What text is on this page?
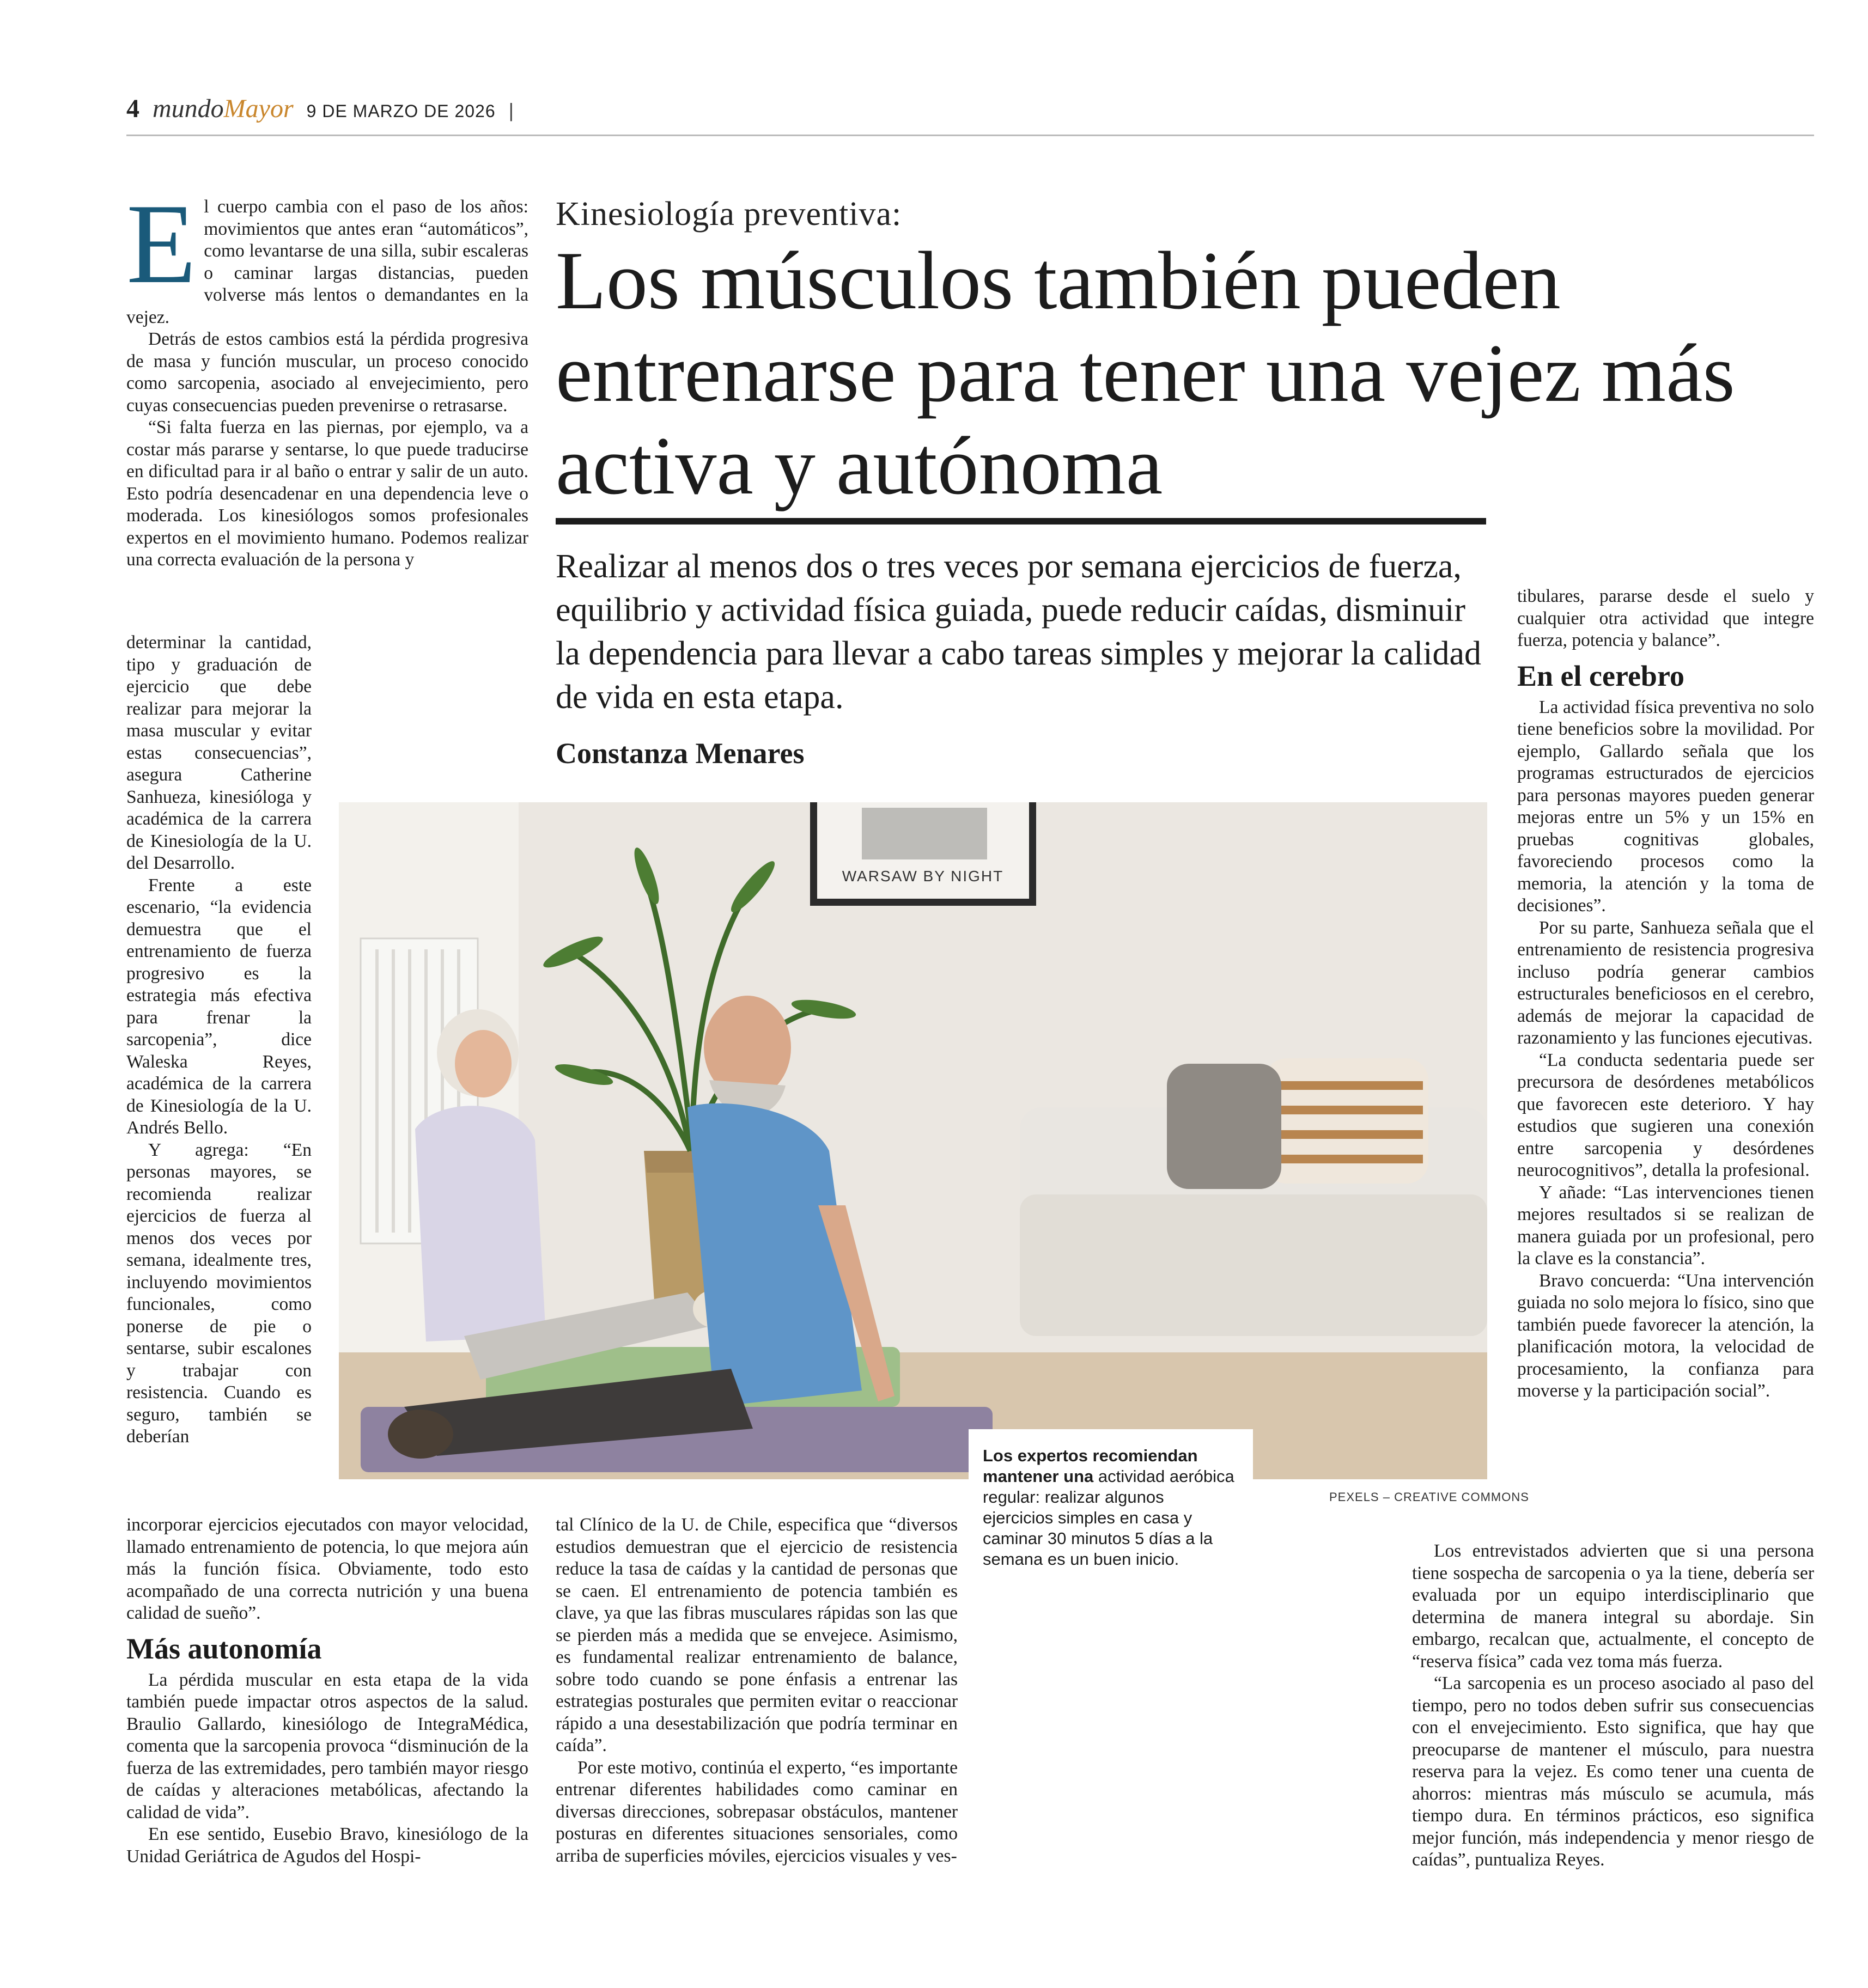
4 mundo Mayor 9 DE MARZO DE 2026 |
Kinesiología preventiva:
Los músculos también pueden entrenarse para tener una vejez más activa y autónoma

Realizar al menos dos o tres veces por semana ejercicios de fuerza, equilibrio y actividad física guiada, puede reducir caídas, disminuir la dependencia para llevar a cabo tareas simples y mejorar la calidad de vida en esta etapa.

Constanza Menares
E l cuerpo cambia con el paso de los años: movimientos que antes eran “automáticos”, como levantarse de una silla, subir escaleras o caminar largas distancias, pueden volverse más lentos o demandantes en la vejez.

Detrás de estos cambios está la pérdida progresiva de masa y función muscular, un proceso conocido como sarcopenia, asociado al envejecimiento, pero cuyas consecuencias pueden prevenirse o retrasarse.

“Si falta fuerza en las piernas, por ejemplo, va a costar más pararse y sentarse, lo que puede traducirse en dificultad para ir al baño o entrar y salir de un auto. Esto podría desencadenar en una dependencia leve o moderada. Los kinesiólogos somos profesionales expertos en el movimiento humano. Podemos realizar una correcta evaluación de la persona y

determinar la cantidad, tipo y graduación de ejercicio que debe realizar para mejorar la masa muscular y evitar estas consecuencias”, asegura Catherine Sanhueza, kinesióloga y académica de la carrera de Kinesiología de la U. del Desarrollo.

Frente a este escenario, “la evidencia demuestra que el entrenamiento de fuerza progresivo es la estrategia más efectiva para frenar la sarcopenia”, dice Waleska Reyes, académica de la carrera de Kinesiología de la U. Andrés Bello.

Y agrega: “En personas mayores, se recomienda realizar ejercicios de fuerza al menos dos veces por semana, idealmente tres, incluyendo movimientos funcionales, como ponerse de pie o sentarse, subir escalones y trabajar con resistencia. Cuando es seguro, también se deberían

incorporar ejercicios ejecutados con mayor velocidad, llamado entrenamiento de potencia, lo que mejora aún más la función física. Obviamente, todo esto acompañado de una correcta nutrición y una buena calidad de sueño”.

Más autonomía

La pérdida muscular en esta etapa de la vida también puede impactar otros aspectos de la salud. Braulio Gallardo, kinesiólogo de IntegraMédica, comenta que la sarcopenia provoca “disminución de la fuerza de las extremidades, pero también mayor riesgo de caídas y alteraciones metabólicas, afectando la calidad de vida”.

En ese sentido, Eusebio Bravo, kinesiólogo de la Unidad Geriátrica de Agudos del Hospi-

tal Clínico de la U. de Chile, especifica que “diversos estudios demuestran que el ejercicio de resistencia reduce la tasa de caídas y la cantidad de personas que se caen. El entrenamiento de potencia también es clave, ya que las fibras musculares rápidas son las que se pierden más a medida que se envejece. Asimismo, es fundamental realizar entrenamiento de balance, sobre todo cuando se pone énfasis a entrenar las estrategias posturales que permiten evitar o reaccionar rápido a una desestabilización que podría terminar en caída”.

Por este motivo, continúa el experto, “es importante entrenar diferentes habilidades como caminar en diversas direcciones, sobrepasar obstáculos, mantener posturas en diferentes situaciones sensoriales, como arriba de superficies móviles, ejercicios visuales y ves-

tibulares, pararse desde el suelo y cualquier otra actividad que integre fuerza, potencia y balance”.

En el cerebro

La actividad física preventiva no solo tiene beneficios sobre la movilidad. Por ejemplo, Gallardo señala que los programas estructurados de ejercicios para personas mayores pueden generar mejoras entre un 5% y un 15% en pruebas cognitivas globales, favoreciendo procesos como la memoria, la atención y la toma de decisiones”.

Por su parte, Sanhueza señala que el entrenamiento de resistencia progresiva incluso podría generar cambios estructurales beneficiosos en el cerebro, además de mejorar la capacidad de razonamiento y las funciones ejecutivas.

“La conducta sedentaria puede ser precursora de desórdenes metabólicos que favorecen este deterioro. Y hay estudios que sugieren una conexión entre sarcopenia y desórdenes neurocognitivos”, detalla la profesional.

Y añade: “Las intervenciones tienen mejores resultados si se realizan de manera guiada por un profesional, pero la clave es la constancia”.

Bravo concuerda: “Una intervención guiada no solo mejora lo físico, sino que también puede favorecer la atención, la planificación motora, la velocidad de procesamiento, la confianza para moverse y la participación social”.

Los entrevistados advierten que si una persona tiene sospecha de sarcopenia o ya la tiene, debería ser evaluada por un equipo interdisciplinario que determina de manera integral su abordaje. Sin embargo, recalcan que, actualmente, el concepto de “reserva física” cada vez toma más fuerza.

“La sarcopenia es un proceso asociado al paso del tiempo, pero no todos deben sufrir sus consecuencias con el envejecimiento. Esto significa, que hay que preocuparse de mantener el músculo, para nuestra reserva para la vejez. Es como tener una cuenta de ahorros: mientras más músculo se acumula, más tiempo dura. En términos prácticos, eso significa mejor función, más independencia y menor riesgo de caídas”, puntualiza Reyes.

WARSAW BY NIGHT
PEXELS – CREATIVE COMMONS
Los expertos recomiendan mantener una actividad aeróbica regular: realizar algunos ejercicios simples en casa y caminar 30 minutos 5 días a la semana es un buen inicio.
